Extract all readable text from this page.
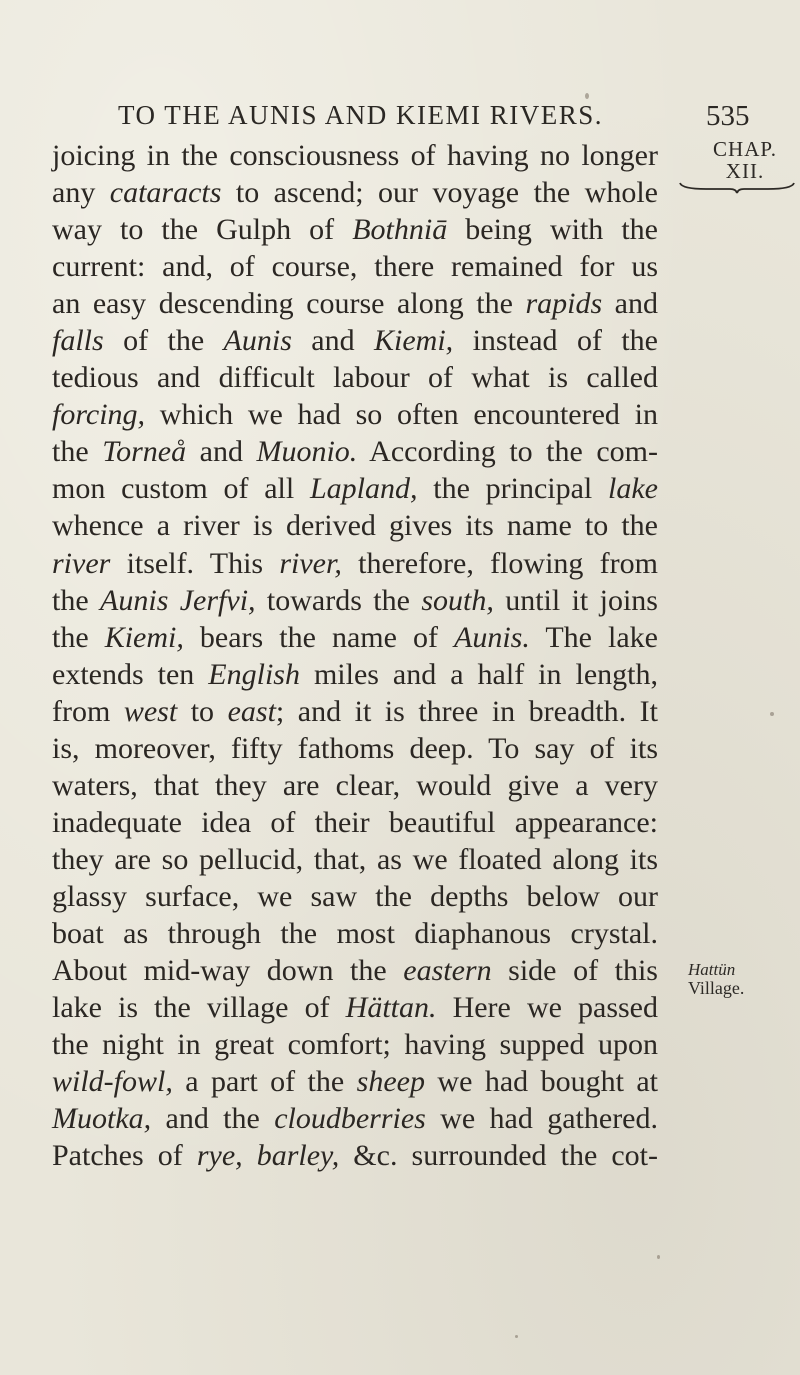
TO THE AUNIS AND KIEMI RIVERS.	535
CHAP.
XII.
joicing in the consciousness of having no longer
any cataracts to ascend; our voyage the whole
way to the Gulph of Bothniā being with the
current: and, of course, there remained for us
an easy descending course along the rapids and
falls of the Aunis and Kiemi, instead of the
tedious and difficult labour of what is called
forcing, which we had so often encountered in
the Torneå and Muonio. According to the com-
mon custom of all Lapland, the principal lake
whence a river is derived gives its name to the
river itself. This river, therefore, flowing from
the Aunis Jerfvi, towards the south, until it joins
the Kiemi, bears the name of Aunis. The lake
extends ten English miles and a half in length,
from west to east; and it is three in breadth. It
is, moreover, fifty fathoms deep. To say of its
waters, that they are clear, would give a very
inadequate idea of their beautiful appearance:
they are so pellucid, that, as we floated along its
glassy surface, we saw the depths below our
boat as through the most diaphanous crystal.
About mid-way down the eastern side of this
lake is the village of Hättan. Here we passed
the night in great comfort; having supped upon
wild-fowl, a part of the sheep we had bought at
Muotka, and the cloudberries we had gathered.
Patches of rye, barley, &c. surrounded the cot-
Hattün
Village.
